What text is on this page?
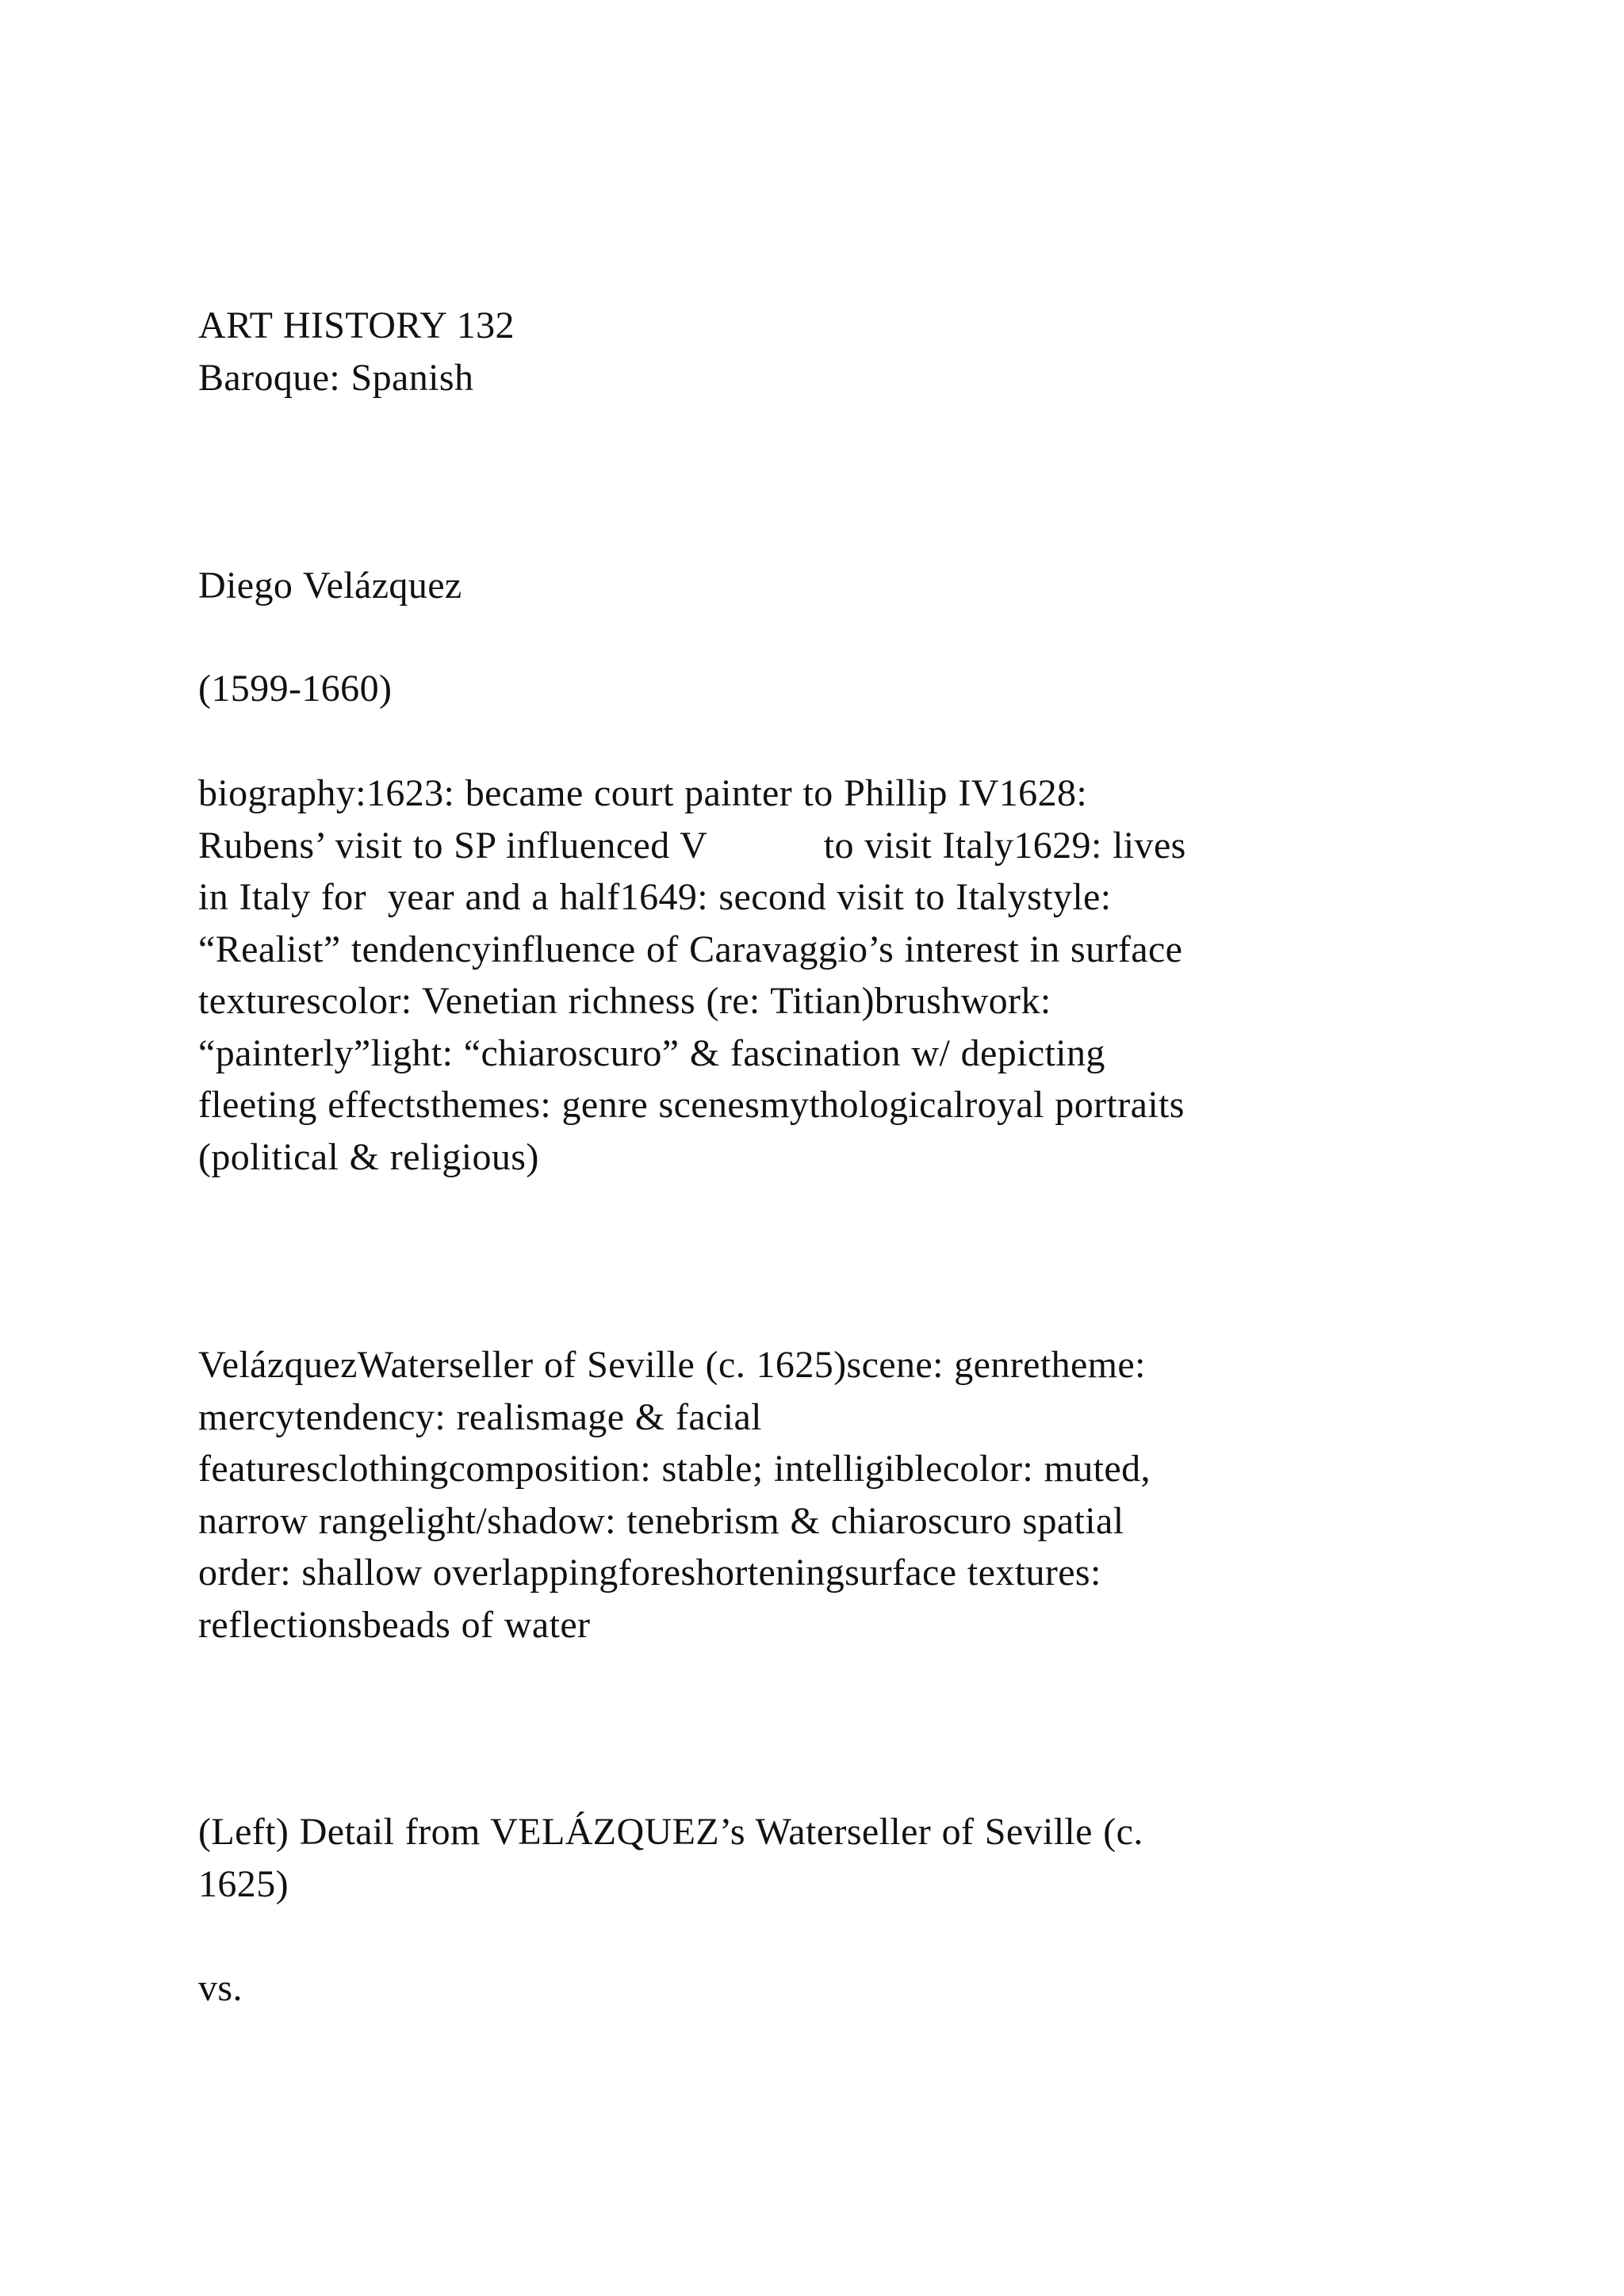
ART HISTORY 132
Baroque: Spanish
Diego Velázquez
(1599-1660)
biography:1623: became court painter to Phillip IV1628:
Rubens’ visit to SP influenced V           to visit Italy1629: lives
in Italy for  year and a half1649: second visit to Italystyle:
“Realist” tendencyinfluence of Caravaggio’s interest in surface
texturescolor: Venetian richness (re: Titian)brushwork:
“painterly”light: “chiaroscuro” & fascination w/ depicting
fleeting effectsthemes: genre scenesmythologicalroyal portraits
(political & religious)
VelázquezWaterseller of Seville (c. 1625)scene: genretheme:
mercytendency: realismage & facial
featuresclothingcomposition: stable; intelligiblecolor: muted,
narrow rangelight/shadow: tenebrism & chiaroscuro spatial
order: shallow overlappingforeshorteningsurface textures:
reflectionsbeads of water
(Left) Detail from VELÁZQUEZ’s Waterseller of Seville (c.
1625)
vs.
